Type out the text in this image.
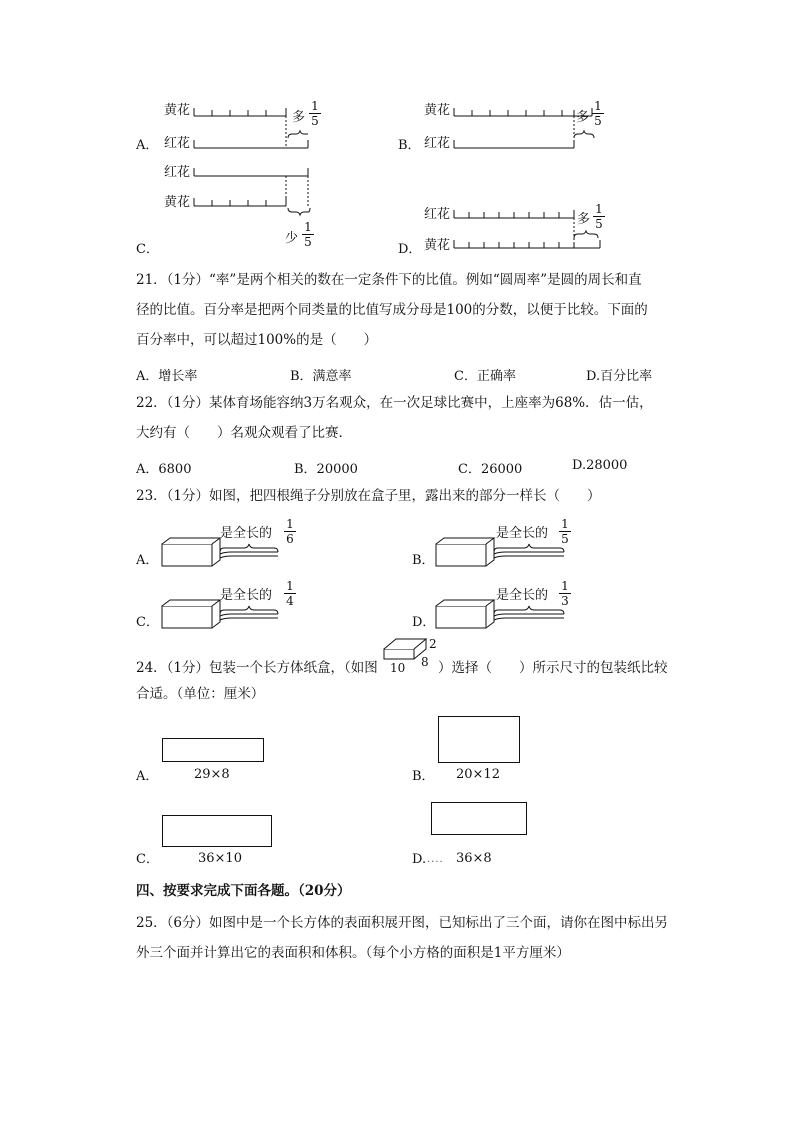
黄花
红花
A．
多
1
5
黄花
红花
B．
多
1
5
红花
黄花
C．
少
1
5
红花
黄花
D．
多
1
5
21．（1分）“率”是两个相关的数在一定条件下的比值。例如“圆周率”是圆的周长和直
径的比值。百分率是把两个同类量的比值写成分母是100的分数，以便于比较。下面的
百分率中，可以超过100%的是（　　）
A．增长率	B．满意率	C．正确率	D.百分比率
22．（1分）某体育场能容纳3万名观众，在一次足球比赛中，上座率为68%．估一估，
大约有（　　）名观众观看了比赛．
A．6800	B．20000	C．26000	D.28000
23．（1分）如图，把四根绳子分别放在盒子里，露出来的部分一样长（　　）
A．
是全长的
1
6
B．
是全长的
1
5
C．
是全长的
1
4
D．
是全长的
1
3
24．（1分）包装一个长方体纸盒，（如图
2
10 8 ）选择（　　）所示尺寸的包装纸比较
合适。（单位：厘米）
A．	29×8	B． 20×12
C．	36×10	D. ···· 36×8
四、按要求完成下面各题。（20分）
25．（6分）如图中是一个长方体的表面积展开图，已知标出了三个面，请你在图中标出另
外三个面并计算出它的表面积和体积。（每个小方格的面积是1平方厘米）
